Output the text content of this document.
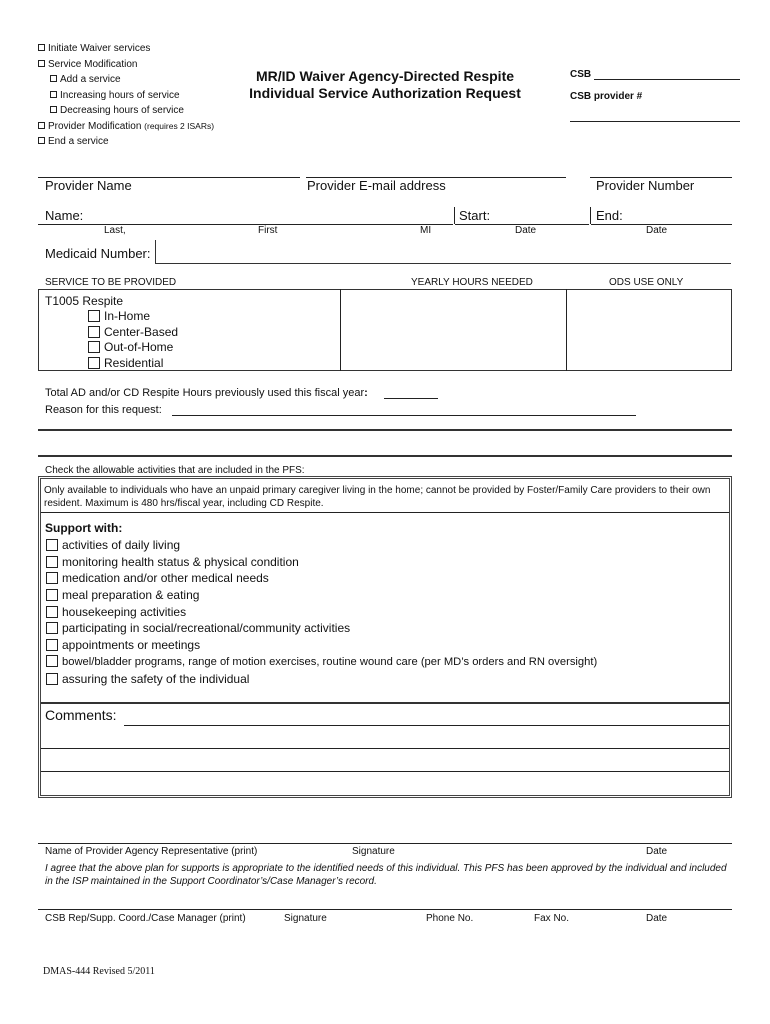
Initiate Waiver services
Service Modification
Add a service
Increasing hours of service
Decreasing hours of service
Provider Modification (requires 2 ISARs)
End a service
MR/ID Waiver Agency-Directed Respite
Individual Service Authorization Request
CSB
CSB provider #
Provider Name	Provider E-mail address	Provider Number
Name:	Start:	End:
Last,	First	MI	Date	Date
Medicaid Number:
SERVICE TO BE PROVIDED	YEARLY HOURS NEEDED	ODS USE ONLY
T1005 Respite
In-Home
Center-Based
Out-of-Home
Residential
Total AD and/or CD Respite Hours previously used this fiscal year:
Reason for this request:
Check the allowable activities that are included in the PFS:
Only available to individuals who have an unpaid primary caregiver living in the home; cannot be provided by Foster/Family Care providers to their own resident. Maximum is 480 hrs/fiscal year, including CD Respite.
Support with:
activities of daily living
monitoring health status & physical condition
medication and/or other medical needs
meal preparation & eating
housekeeping activities
participating in social/recreational/community activities
appointments or meetings
bowel/bladder programs, range of motion exercises, routine wound care (per MD’s orders and RN oversight)
assuring the safety of the individual
Comments:
Name of Provider Agency Representative (print)	Signature	Date
I agree that the above plan for supports is appropriate to the identified needs of this individual. This PFS has been approved by the individual and included in the ISP maintained in the Support Coordinator’s/Case Manager’s record.
CSB Rep/Supp. Coord./Case Manager (print)	Signature	Phone No.	Fax No.	Date
DMAS-444 Revised 5/2011
